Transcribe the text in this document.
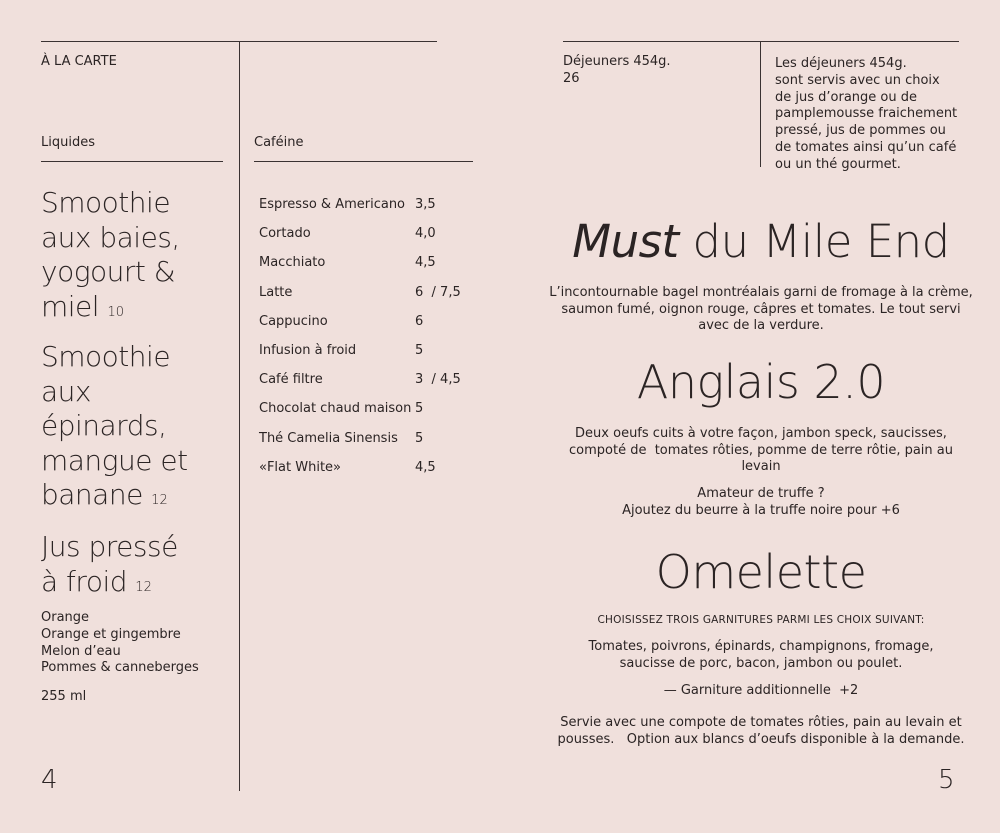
À LA CARTE
Liquides	Caféine
Smoothie
aux baies,
yogourt &
miel 10
Smoothie
aux
épinards,
mangue et
banane 12
Jus pressé
à froid 12
Orange
Orange et gingembre
Melon d’eau
Pommes & canneberges
255 ml
4
Espresso & Americano 3,5
Cortado	4,0
Macchiato	4,5
Latte	6  / 7,5
Cappucino	6
Infusion à froid	5
Café filtre	3  / 4,5
Chocolat chaud maison 5
Thé Camelia Sinensis 5
«Flat White»	4,5
Déjeuners 454g.
26
Les déjeuners 454g.
sont servis avec un choix
de jus d’orange ou de
pamplemousse fraichement
pressé, jus de pommes ou
de tomates ainsi qu’un café
ou un thé gourmet.
Must du Mile End
L’incontournable bagel montréalais garni de fromage à la crème,
saumon fumé, oignon rouge, câpres et tomates. Le tout servi
avec de la verdure.
Anglais 2.0
Deux oeufs cuits à votre façon, jambon speck, saucisses,
compoté de  tomates rôties, pomme de terre rôtie, pain au
levain
Amateur de truffe ?
Ajoutez du beurre à la truffe noire pour +6
Omelette
CHOISISSEZ TROIS GARNITURES PARMI LES CHOIX SUIVANT:
Tomates, poivrons, épinards, champignons, fromage,
saucisse de porc, bacon, jambon ou poulet.
— Garniture additionnelle  +2
Servie avec une compote de tomates rôties, pain au levain et
pousses.   Option aux blancs d’oeufs disponible à la demande.
5
